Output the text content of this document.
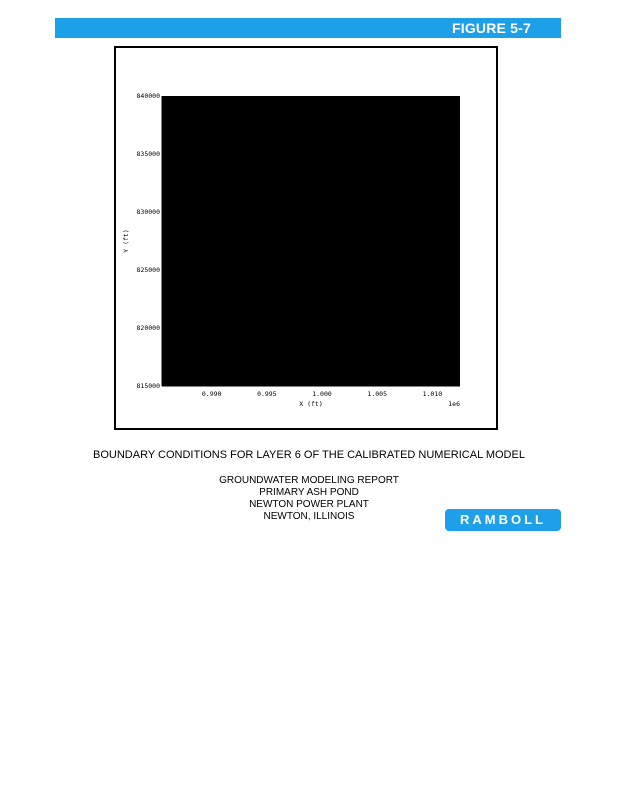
FIGURE 5-7
840000
835000
830000
825000
820000
815000
0.990	0.995	1.000	1.005	1.010
X (ft)	1e6
Y (ft)
BOUNDARY CONDITIONS FOR LAYER 6 OF THE CALIBRATED NUMERICAL MODEL
GROUNDWATER MODELING REPORT
PRIMARY ASH POND
NEWTON POWER PLANT
NEWTON, ILLINOIS	RAMBOLL
